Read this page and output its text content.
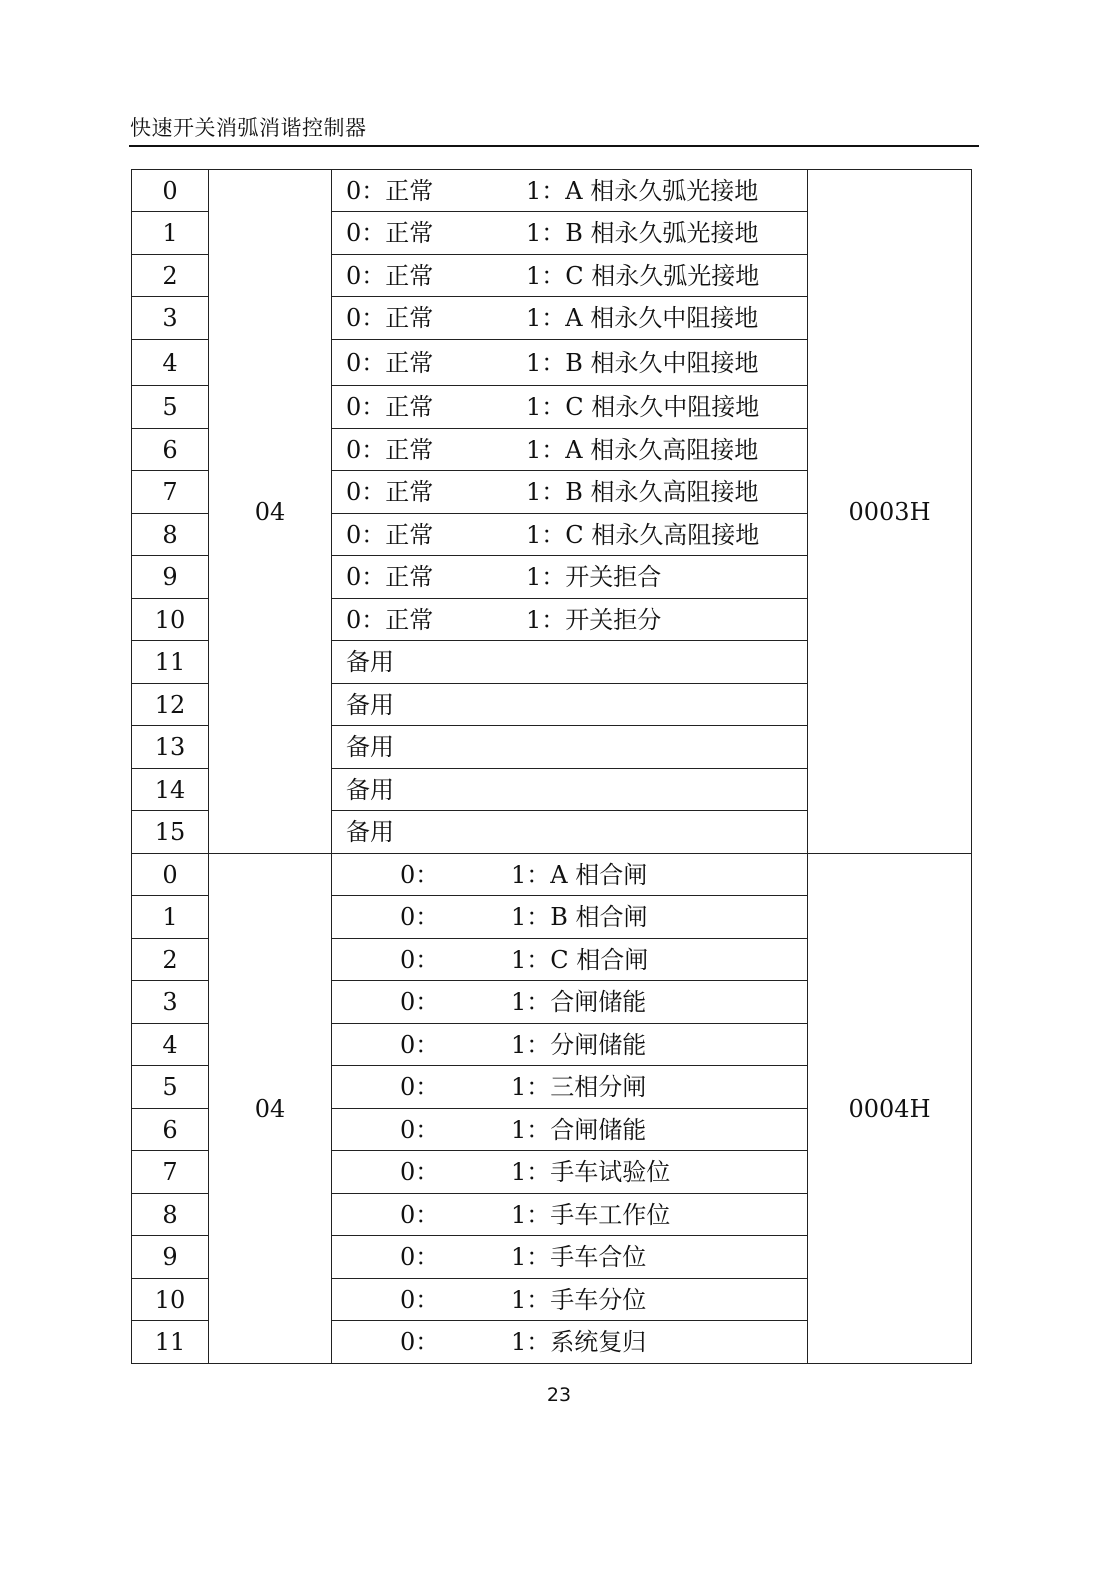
快速开关消弧消谐控制器
0	04	0：正常 1：A 相永久弧光接地	0003H
1		0：正常 1：B 相永久弧光接地	
2		0：正常 1：C 相永久弧光接地	
3		0：正常 1：A 相永久中阻接地	
4		0：正常 1：B 相永久中阻接地	
5		0：正常 1：C 相永久中阻接地	
6		0：正常 1：A 相永久高阻接地	
7		0：正常 1：B 相永久高阻接地	
8		0：正常 1：C 相永久高阻接地	
9		0：正常 1：开关拒合	
10		0：正常 1：开关拒分	
11		备用	
12		备用	
13		备用	
14		备用	
15		备用	
0	04	0： 1：A 相合闸	0004H
1		0： 1：B 相合闸	
2		0： 1：C 相合闸	
3		0： 1：合闸储能	
4		0： 1：分闸储能	
5		0： 1：三相分闸	
6		0： 1：合闸储能	
7		0： 1：手车试验位	
8		0： 1：手车工作位	
9		0： 1：手车合位	
10		0： 1：手车分位	
11		0： 1：系统复归	
23
